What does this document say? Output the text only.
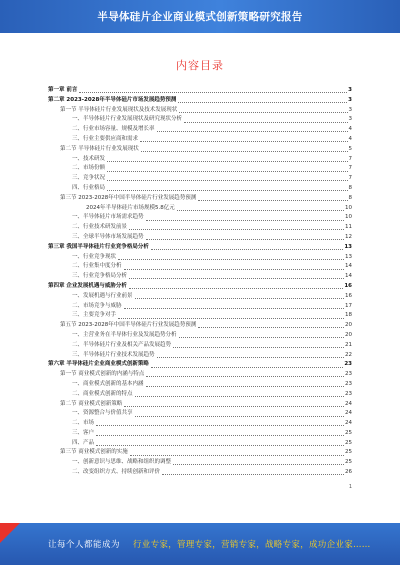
半导体硅片企业商业模式创新策略研究报告
内容目录
第一章 前言	3
第二章 2023-2028年半导体硅片市场发展趋势预测	3
第一节 半导体硅片行业发展现状及技术发展现状	3
一、半导体硅片行业发展现状及研究现状分析	3
二、行业市场容量、规模及增长率	4
三、行业主要供应商和需求	4
第二节 半导体硅片行业发展现状	5
一、技术研发	7
二、市场份额	7
三、竞争状况	7
四、行业格局	8
第三节 2023-2028年中国半导体硅片行业发展趋势预测	8
2024年半导体硅片市场规模5.8亿元	10
一、半导体硅片市场需求趋势	10
二、行业技术研发前景	11
三、全球半导体市场发展趋势	12
第三章 我国半导体硅片行业竞争格局分析	13
一、行业竞争现状	13
二、行业集中度分析	14
三、行业竞争格局分析	14
第四章 企业发展机遇与威胁分析	16
一、发展机遇与行业前景	16
二、市场竞争与威胁	17
三、主要竞争对手	18
第五节 2023-2028年中国半导体硅片行业发展趋势预测	20
一、主营业务在半导体行业及发展趋势分析	20
二、半导体硅片行业及相关产品发展趋势	21
三、半导体硅片行业技术发展趋势	22
第六章 半导体硅片企业商业模式创新策略	23
第一节 商业模式创新的内涵与特点	23
一、商业模式创新的基本内涵	23
二、商业模式创新的特点	23
第二节 商业模式创新策略	24
一、资源整合与价值共享	24
二、市场	24
三、客户	25
四、产品	25
第三节 商业模式创新的实施	25
一、创新意识与思维、战略和组织的调整	25
二、改变组织方式、持续创新和评价	26
1
让每个人都能成为 行业专家，管理专家，营销专家，战略专家，成功企业家……
